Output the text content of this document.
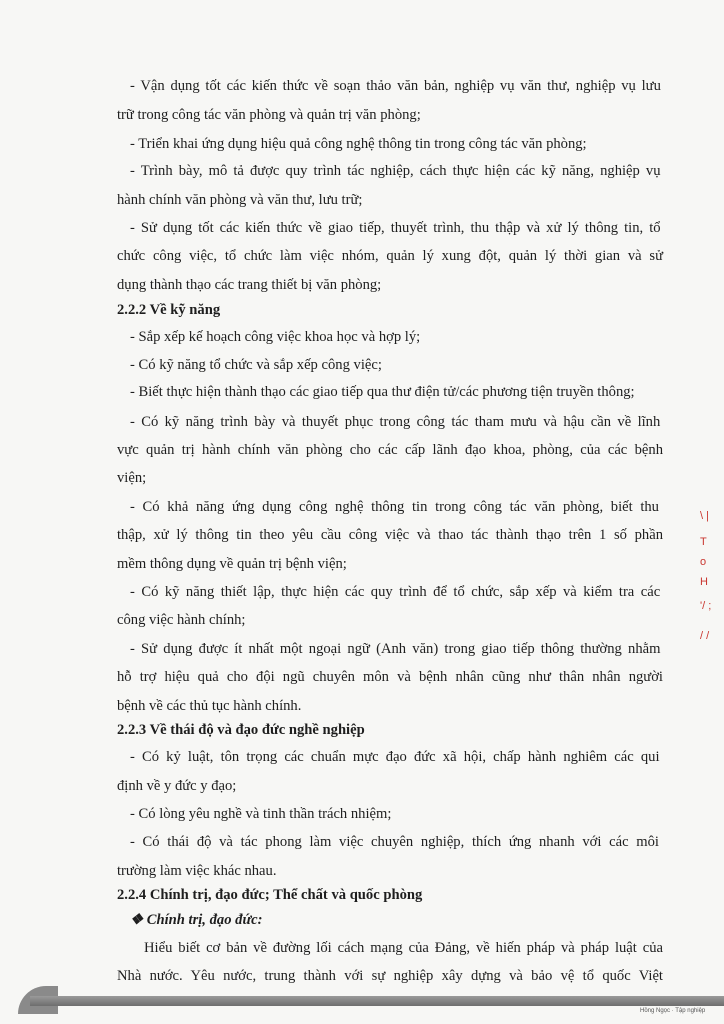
- Vận dụng tốt các kiến thức về soạn thảo văn bản, nghiệp vụ văn thư, nghiệp vụ lưu
trữ trong công tác văn phòng và quản trị văn phòng;
- Triển khai ứng dụng hiệu quả công nghệ thông tin trong công tác văn phòng;
- Trình bày, mô tả được quy trình tác nghiệp, cách thực hiện các kỹ năng, nghiệp vụ
hành chính văn phòng và văn thư, lưu trữ;
- Sử dụng tốt các kiến thức về giao tiếp, thuyết trình, thu thập và xử lý thông tin, tổ
chức công việc, tổ chức làm việc nhóm, quản lý xung đột, quản lý thời gian và sử
dụng thành thạo các trang thiết bị văn phòng;
2.2.2 Về kỹ năng
- Sắp xếp kế hoạch công việc khoa học và hợp lý;
- Có kỹ năng tổ chức và sắp xếp công việc;
- Biết thực hiện thành thạo các giao tiếp qua thư điện tử/các phương tiện truyền thông;
- Có kỹ năng trình bày và thuyết phục trong công tác tham mưu và hậu cần về lĩnh
vực quản trị hành chính văn phòng cho các cấp lãnh đạo khoa, phòng, của các bệnh
viện;
- Có khả năng ứng dụng công nghệ thông tin trong công tác văn phòng, biết thu
thập, xử lý thông tin theo yêu cầu công việc và thao tác thành thạo trên 1 số phần
mềm thông dụng về quản trị bệnh viện;
- Có kỹ năng thiết lập, thực hiện các quy trình để tổ chức, sắp xếp và kiểm tra các
công việc hành chính;
- Sử dụng được ít nhất một ngoại ngữ (Anh văn) trong giao tiếp thông thường nhằm
hỗ trợ hiệu quả cho đội ngũ chuyên môn và bệnh nhân cũng như thân nhân người
bệnh về các thủ tục hành chính.
2.2.3 Về thái độ và đạo đức nghề nghiệp
- Có kỷ luật, tôn trọng các chuẩn mực đạo đức xã hội, chấp hành nghiêm các qui
định về y đức y đạo;
- Có lòng yêu nghề và tinh thần trách nhiệm;
- Có thái độ và tác phong làm việc chuyên nghiệp, thích ứng nhanh với các môi
trường làm việc khác nhau.
2.2.4 Chính trị, đạo đức; Thể chất và quốc phòng
❖ Chính trị, đạo đức:
Hiểu biết cơ bản về đường lối cách mạng của Đảng, về hiến pháp và pháp luật của
Nhà nước. Yêu nước, trung thành với sự nghiệp xây dựng và bảo vệ tổ quốc Việt
\ |
T
o
H
'/ ;
/ /
Hồng Ngọc · Tập nghiệp
